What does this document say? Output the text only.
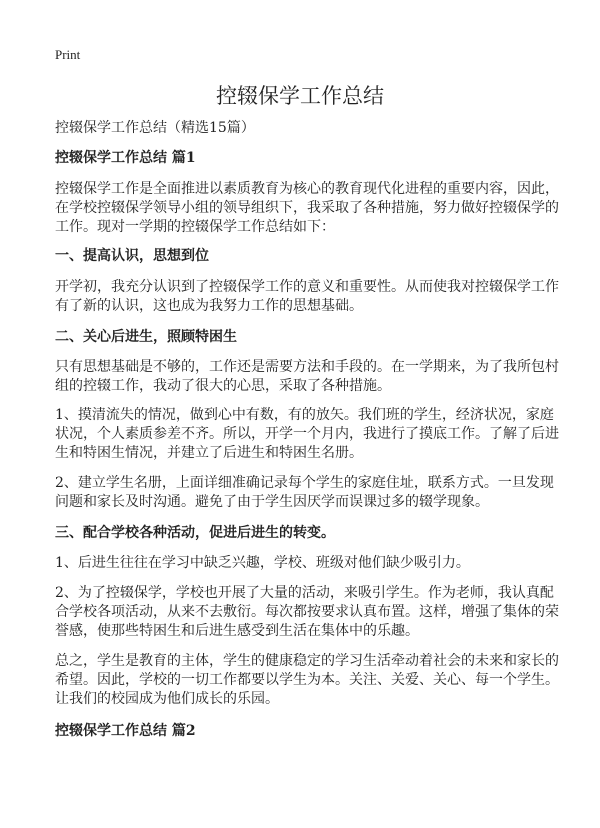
Print
控辍保学工作总结
控辍保学工作总结（精选15篇）
控辍保学工作总结 篇1
控辍保学工作是全面推进以素质教育为核心的教育现代化进程的重要内容，因此，
在学校控辍保学领导小组的领导组织下，我采取了各种措施，努力做好控辍保学的
工作。现对一学期的控辍保学工作总结如下：
一、提高认识，思想到位
开学初，我充分认识到了控辍保学工作的意义和重要性。从而使我对控辍保学工作
有了新的认识，这也成为我努力工作的思想基础。
二、关心后进生，照顾特困生
只有思想基础是不够的，工作还是需要方法和手段的。在一学期来，为了我所包村
组的控辍工作，我动了很大的心思，采取了各种措施。
1、摸清流失的情况，做到心中有数，有的放矢。我们班的学生，经济状况，家庭
状况，个人素质参差不齐。所以，开学一个月内，我进行了摸底工作。了解了后进
生和特困生情况，并建立了后进生和特困生名册。
2、建立学生名册，上面详细准确记录每个学生的家庭住址，联系方式。一旦发现
问题和家长及时沟通。避免了由于学生因厌学而误课过多的辍学现象。
三、配合学校各种活动，促进后进生的转变。
1、后进生往往在学习中缺乏兴趣，学校、班级对他们缺少吸引力。
2、为了控辍保学，学校也开展了大量的活动，来吸引学生。作为老师，我认真配
合学校各项活动，从来不去敷衍。每次都按要求认真布置。这样，增强了集体的荣
誉感，使那些特困生和后进生感受到生活在集体中的乐趣。
总之，学生是教育的主体，学生的健康稳定的学习生活牵动着社会的未来和家长的
希望。因此，学校的一切工作都要以学生为本。关注、关爱、关心、每一个学生。
让我们的校园成为他们成长的乐园。
控辍保学工作总结 篇2
